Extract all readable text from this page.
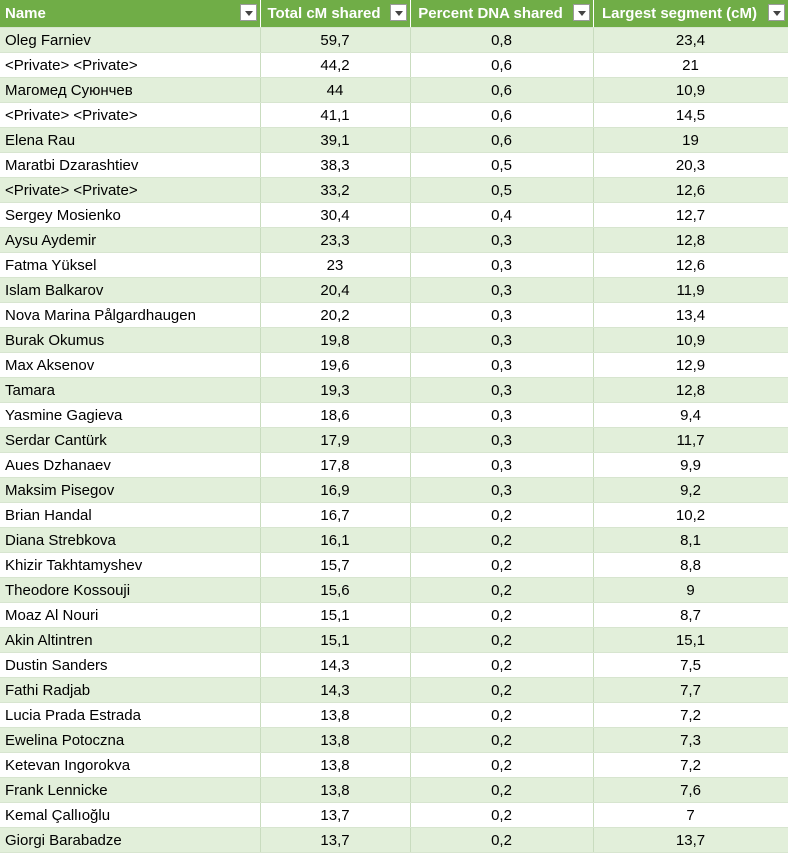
Name	Total cM shared	Percent DNA shared	Largest segment (cM)

Oleg Farniev	59,7	0,8	23,4
<Private> <Private>	44,2	0,6	21
Магомед Суюнчев	44	0,6	10,9
<Private> <Private>	41,1	0,6	14,5
Elena Rau	39,1	0,6	19
Maratbi Dzarashtiev	38,3	0,5	20,3
<Private> <Private>	33,2	0,5	12,6
Sergey Mosienko	30,4	0,4	12,7
Aysu Aydemir	23,3	0,3	12,8
Fatma Yüksel	23	0,3	12,6
Islam Balkarov	20,4	0,3	11,9
Nova Marina Pålgardhaugen	20,2	0,3	13,4
Burak Okumus	19,8	0,3	10,9
Max Aksenov	19,6	0,3	12,9
Tamara	19,3	0,3	12,8
Yasmine Gagieva	18,6	0,3	9,4
Serdar Cantürk	17,9	0,3	11,7
Aues Dzhanaev	17,8	0,3	9,9
Maksim Pisegov	16,9	0,3	9,2
Brian Handal	16,7	0,2	10,2
Diana Strebkova	16,1	0,2	8,1
Khizir Takhtamyshev	15,7	0,2	8,8
Theodore Kossouji	15,6	0,2	9
Moaz Al Nouri	15,1	0,2	8,7
Akin Altintren	15,1	0,2	15,1
Dustin Sanders	14,3	0,2	7,5
Fathi Radjab	14,3	0,2	7,7
Lucia Prada Estrada	13,8	0,2	7,2
Ewelina Potoczna	13,8	0,2	7,3
Ketevan Ingorokva	13,8	0,2	7,2
Frank Lennicke	13,8	0,2	7,6
Kemal Çallıoğlu	13,7	0,2	7
Giorgi Barabadze	13,7	0,2	13,7
